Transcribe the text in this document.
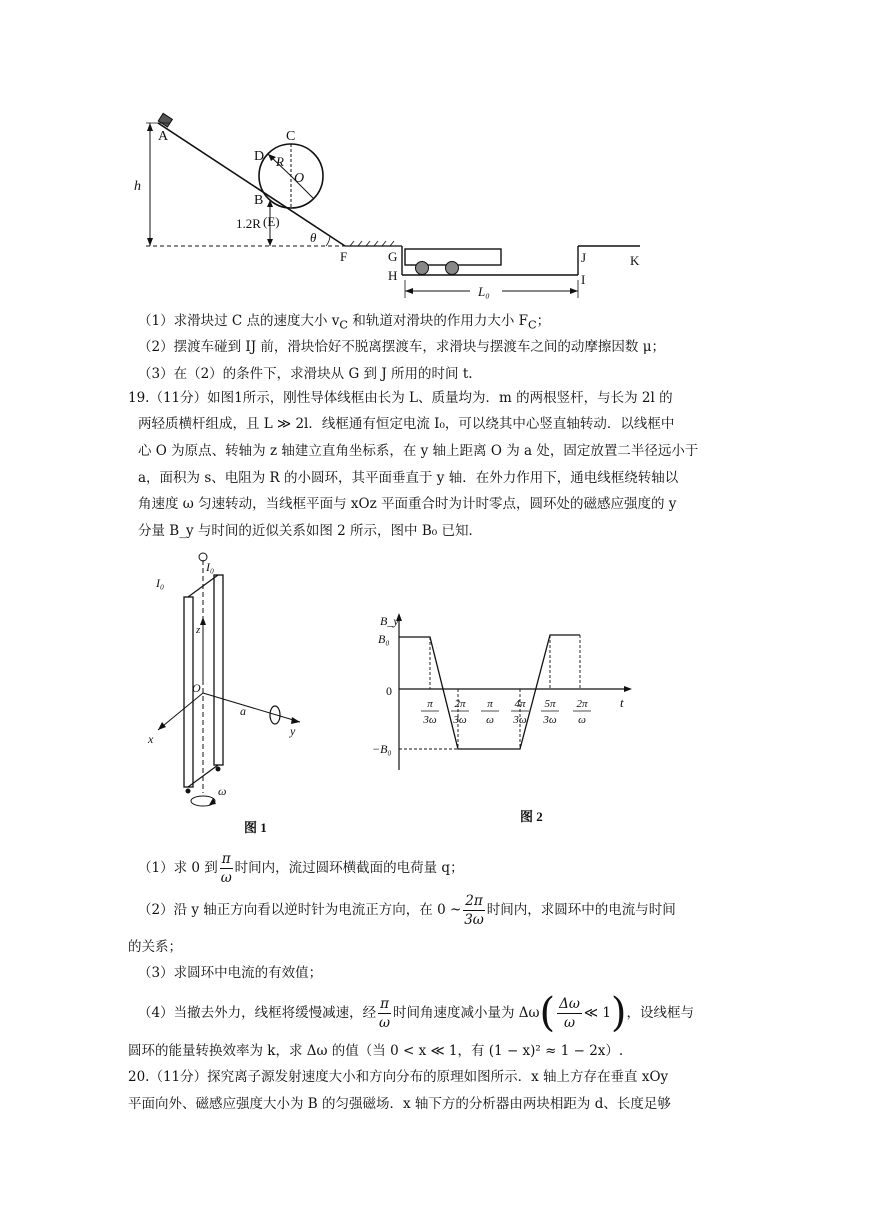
A	C
D R
O
B
(E)
h
1.2R
θ
F	G
H
J
I
K
L₀
（1）求滑块过 C 点的速度大小 $v_C$ 和轨道对滑块的作用力大小 $F_C$；
（2）摆渡车碰到 IJ 前，滑块恰好不脱离摆渡车，求滑块与摆渡车之间的动摩擦因数 μ；
（3）在（2）的条件下，求滑块从 G 到 J 所用的时间 t.
19.（11分）如图1所示，刚性导体线框由长为 L、质量均为．m 的两根竖杆，与长为 2l 的
两轻质横杆组成，且 L ≫ 2l．线框通有恒定电流 I₀，可以绕其中心竖直轴转动．以线框中
心 O 为原点、转轴为 z 轴建立直角坐标系，在 y 轴上距离 O 为 a 处，固定放置二半径远小于
a，面积为 s、电阻为 R 的小圆环，其平面垂直于 y 轴．在外力作用下，通电线框绕转轴以
角速度 ω 匀速转动，当线框平面与 xOz 平面重合时为计时零点，圆环处的磁感应强度的 y
分量 B_y 与时间的近似关系如图 2 所示，图中 B₀ 已知．
I₀
I₀
z
O
a
x
y
ω
图 1
B_y
B₀
0
−B₀
t
π
3ω
2π
3ω
π
ω
4π
3ω
5π
3ω
2π
ω
图 2
（1）求 0 到 $\frac{\pi}{\omega}$ 时间内，流过圆环横截面的电荷量 q；
（2）沿 y 轴正方向看以逆时针为电流正方向，在 0 ~ $\frac{2\pi}{3\omega}$ 时间内，求圆环中的电流与时间
的关系；
（3）求圆环中电流的有效值；
（4）当撤去外力，线框将缓慢减速，经 $\frac{\pi}{\omega}$ 时间角速度减小量为 Δω ( $\frac{\Delta\omega}{\omega}$ ≪ 1 ) ，设线框与
圆环的能量转换效率为 k，求 Δω 的值（当 0 < x ≪ 1，有 (1 − x)² ≈ 1 − 2x）.
20.（11分）探究离子源发射速度大小和方向分布的原理如图所示．x 轴上方存在垂直 xOy
平面向外、磁感应强度大小为 B 的匀强磁场．x 轴下方的分析器由两块相距为 d、长度足够
